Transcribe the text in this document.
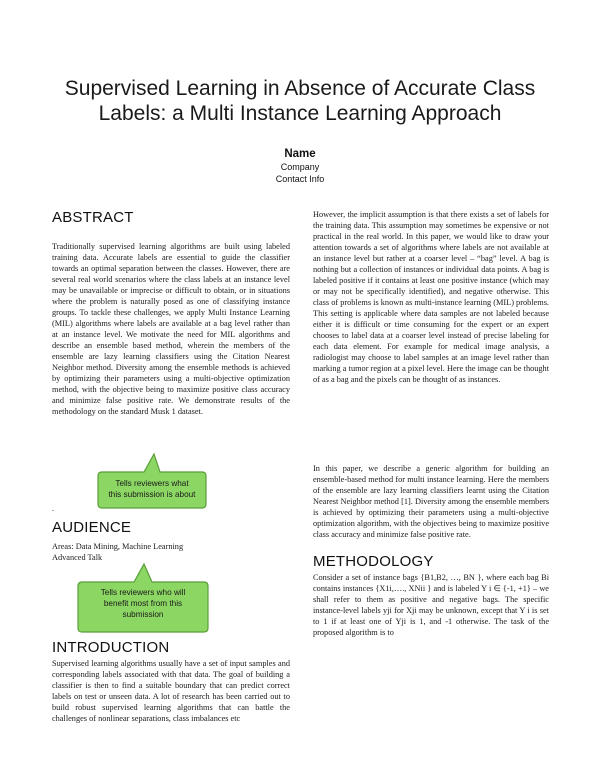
Supervised Learning in Absence of Accurate Class
Labels: a Multi Instance Learning Approach
Name
Company
Contact Info
ABSTRACT

Traditionally supervised learning algorithms are built using labeled training data. Accurate labels are essential to guide the classifier towards an optimal separation between the classes. However, there are several real world scenarios where the class labels at an instance level may be unavailable or imprecise or difficult to obtain, or in situations where the problem is naturally posed as one of classifying instance groups. To tackle these challenges, we apply Multi Instance Learning (MIL) algorithms where labels are available at a bag level rather than at an instance level. We motivate the need for MIL algorithms and describe an ensemble based method, wherein the members of the ensemble are lazy learning classifiers using the Citation Nearest Neighbor method. Diversity among the ensemble methods is achieved by optimizing their parameters using a multi-objective optimization method, with the objective being to maximize positive class accuracy and minimize false positive rate. We demonstrate results of the methodology on the standard Musk 1 dataset.

Tells reviewers what
this submission is about
.
AUDIENCE
Areas: Data Mining, Machine Learning
Advanced Talk
Tells reviewers who will
benefit most from this
submission
INTRODUCTION

Supervised learning algorithms usually have a set of input samples and corresponding labels associated with that data. The goal of building a classifier is then to find a suitable boundary that can predict correct labels on test or unseen data. A lot of research has been carried out to build robust supervised learning algorithms that can battle the challenges of nonlinear separations, class imbalances etc

However, the implicit assumption is that there exists a set of labels for the training data. This assumption may sometimes be expensive or not practical in the real world. In this paper, we would like to draw your attention towards a set of algorithms where labels are not available at an instance level but rather at a coarser level – “bag” level. A bag is nothing but a collection of instances or individual data points. A bag is labeled positive if it contains at least one positive instance (which may or may not be specifically identified), and negative otherwise. This class of problems is known as multi-instance learning (MIL) problems. This setting is applicable where data samples are not labeled because either it is difficult or time consuming for the expert or an expert chooses to label data at a coarser level instead of precise labeling for each data element. For example for medical image analysis, a radiologist may choose to label samples at an image level rather than marking a tumor region at a pixel level. Here the image can be thought of as a bag and the pixels can be thought of as instances.

In this paper, we describe a generic algorithm for building an ensemble-based method for multi instance learning. Here the members of the ensemble are lazy learning classifiers learnt using the Citation Nearest Neighbor method [1]. Diversity among the ensemble members is achieved by optimizing their parameters using a multi-objective optimization algorithm, with the objectives being to maximize positive class accuracy and minimize false positive rate.

METHODOLOGY

Consider a set of instance bags {B1,B2, …, BN }, where each bag Bi contains instances {X1i,…., XNii } and is labeled Y i ∈ {-1, +1} – we shall refer to them as positive and negative bags. The specific instance-level labels yji for Xji may be unknown, except that Y i is set to 1 if at least one of Yji is 1, and -1 otherwise. The task of the proposed algorithm is to
